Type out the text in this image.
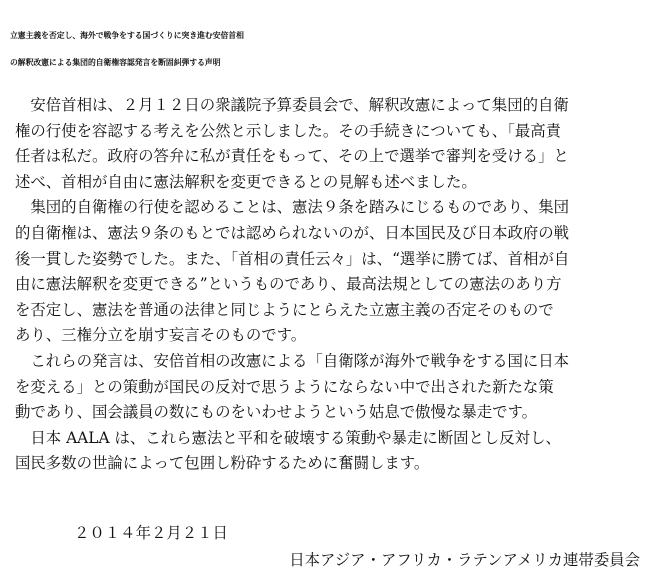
立憲主義を否定し、海外で戦争をする国づくりに突き進む安倍首相
の解釈改憲による集団的自衛権容認発言を断固糾弾する声明
　安倍首相は、２月１２日の衆議院予算委員会で、解釈改憲によって集団的自衛
権の行使を容認する考えを公然と示しました。その手続きについても、「最高責
任者は私だ。政府の答弁に私が責任をもって、その上で選挙で審判を受ける」と
述べ、首相が自由に憲法解釈を変更できるとの見解も述べました。
　集団的自衛権の行使を認めることは、憲法９条を踏みにじるものであり、集団
的自衛権は、憲法９条のもとでは認められないのが、日本国民及び日本政府の戦
後一貫した姿勢でした。また、「首相の責任云々」は、“選挙に勝てば、首相が自
由に憲法解釈を変更できる”というものであり、最高法規としての憲法のあり方
を否定し、憲法を普通の法律と同じようにとらえた立憲主義の否定そのもので
あり、三権分立を崩す妄言そのものです。
　これらの発言は、安倍首相の改憲による「自衛隊が海外で戦争をする国に日本
を変える」との策動が国民の反対で思うようにならない中で出された新たな策
動であり、国会議員の数にものをいわせようという姑息で傲慢な暴走です。
　日本 AALA は、これら憲法と平和を破壊する策動や暴走に断固とし反対し、
国民多数の世論によって包囲し粉砕するために奮闘します。
２０１４年２月２１日
日本アジア・アフリカ・ラテンアメリカ連帯委員会
